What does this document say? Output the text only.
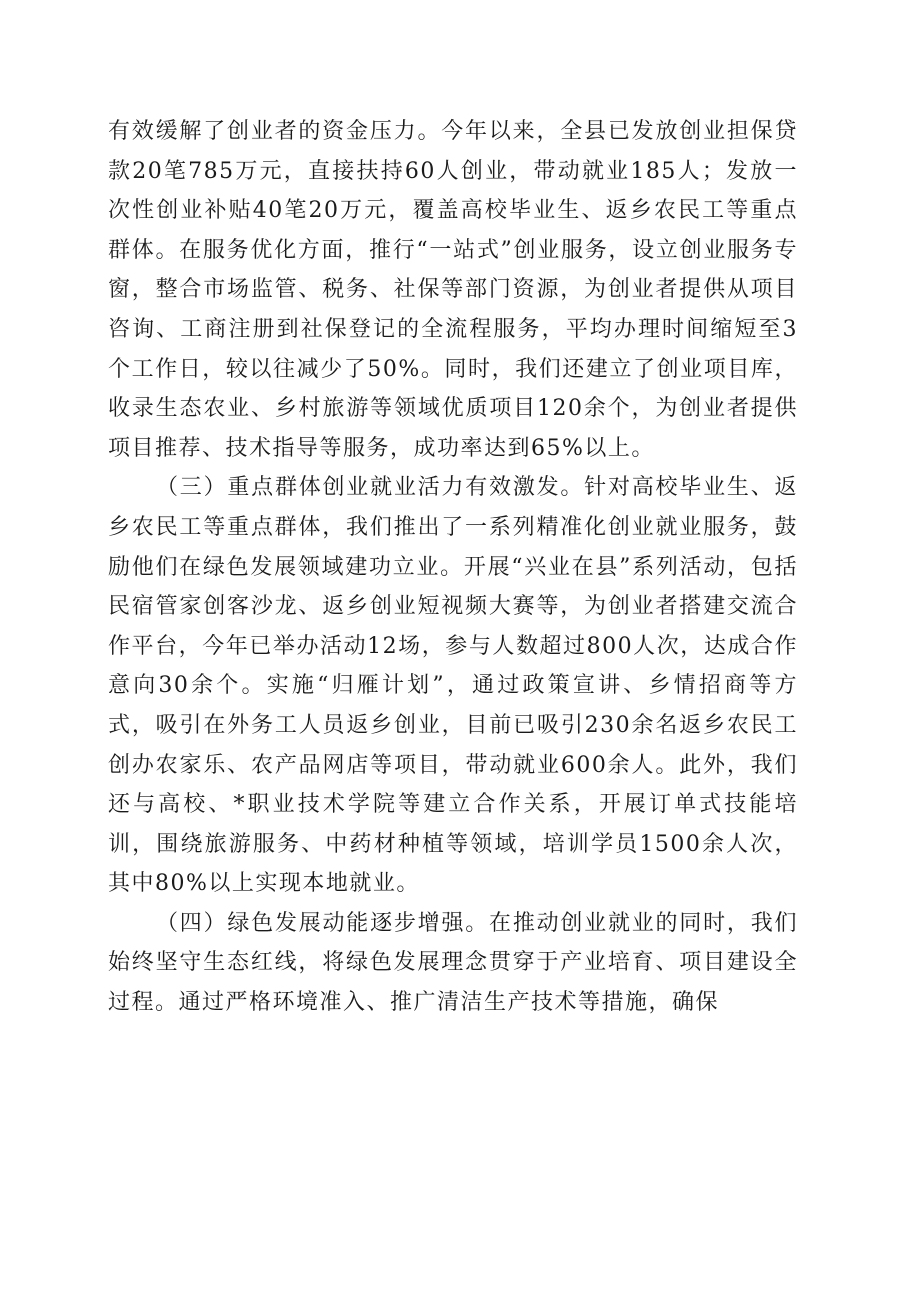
有效缓解了创业者的资金压力。今年以来，全县已发放创业担保贷款20笔785万元，直接扶持60人创业，带动就业185人；发放一次性创业补贴40笔20万元，覆盖高校毕业生、返乡农民工等重点群体。在服务优化方面，推行“一站式”创业服务，设立创业服务专窗，整合市场监管、税务、社保等部门资源，为创业者提供从项目咨询、工商注册到社保登记的全流程服务，平均办理时间缩短至3个工作日，较以往减少了50%。同时，我们还建立了创业项目库，收录生态农业、乡村旅游等领域优质项目120余个，为创业者提供项目推荐、技术指导等服务，成功率达到65%以上。

（三）重点群体创业就业活力有效激发。针对高校毕业生、返乡农民工等重点群体，我们推出了一系列精准化创业就业服务，鼓励他们在绿色发展领域建功立业。开展“兴业在县”系列活动，包括民宿管家创客沙龙、返乡创业短视频大赛等，为创业者搭建交流合作平台，今年已举办活动12场，参与人数超过800人次，达成合作意向30余个。实施“归雁计划”，通过政策宣讲、乡情招商等方式，吸引在外务工人员返乡创业，目前已吸引230余名返乡农民工创办农家乐、农产品网店等项目，带动就业600余人。此外，我们还与高校、*职业技术学院等建立合作关系，开展订单式技能培训，围绕旅游服务、中药材种植等领域，培训学员1500余人次，其中80%以上实现本地就业。

（四）绿色发展动能逐步增强。在推动创业就业的同时，我们始终坚守生态红线，将绿色发展理念贯穿于产业培育、项目建设全过程。通过严格环境准入、推广清洁生产技术等措施，确保
